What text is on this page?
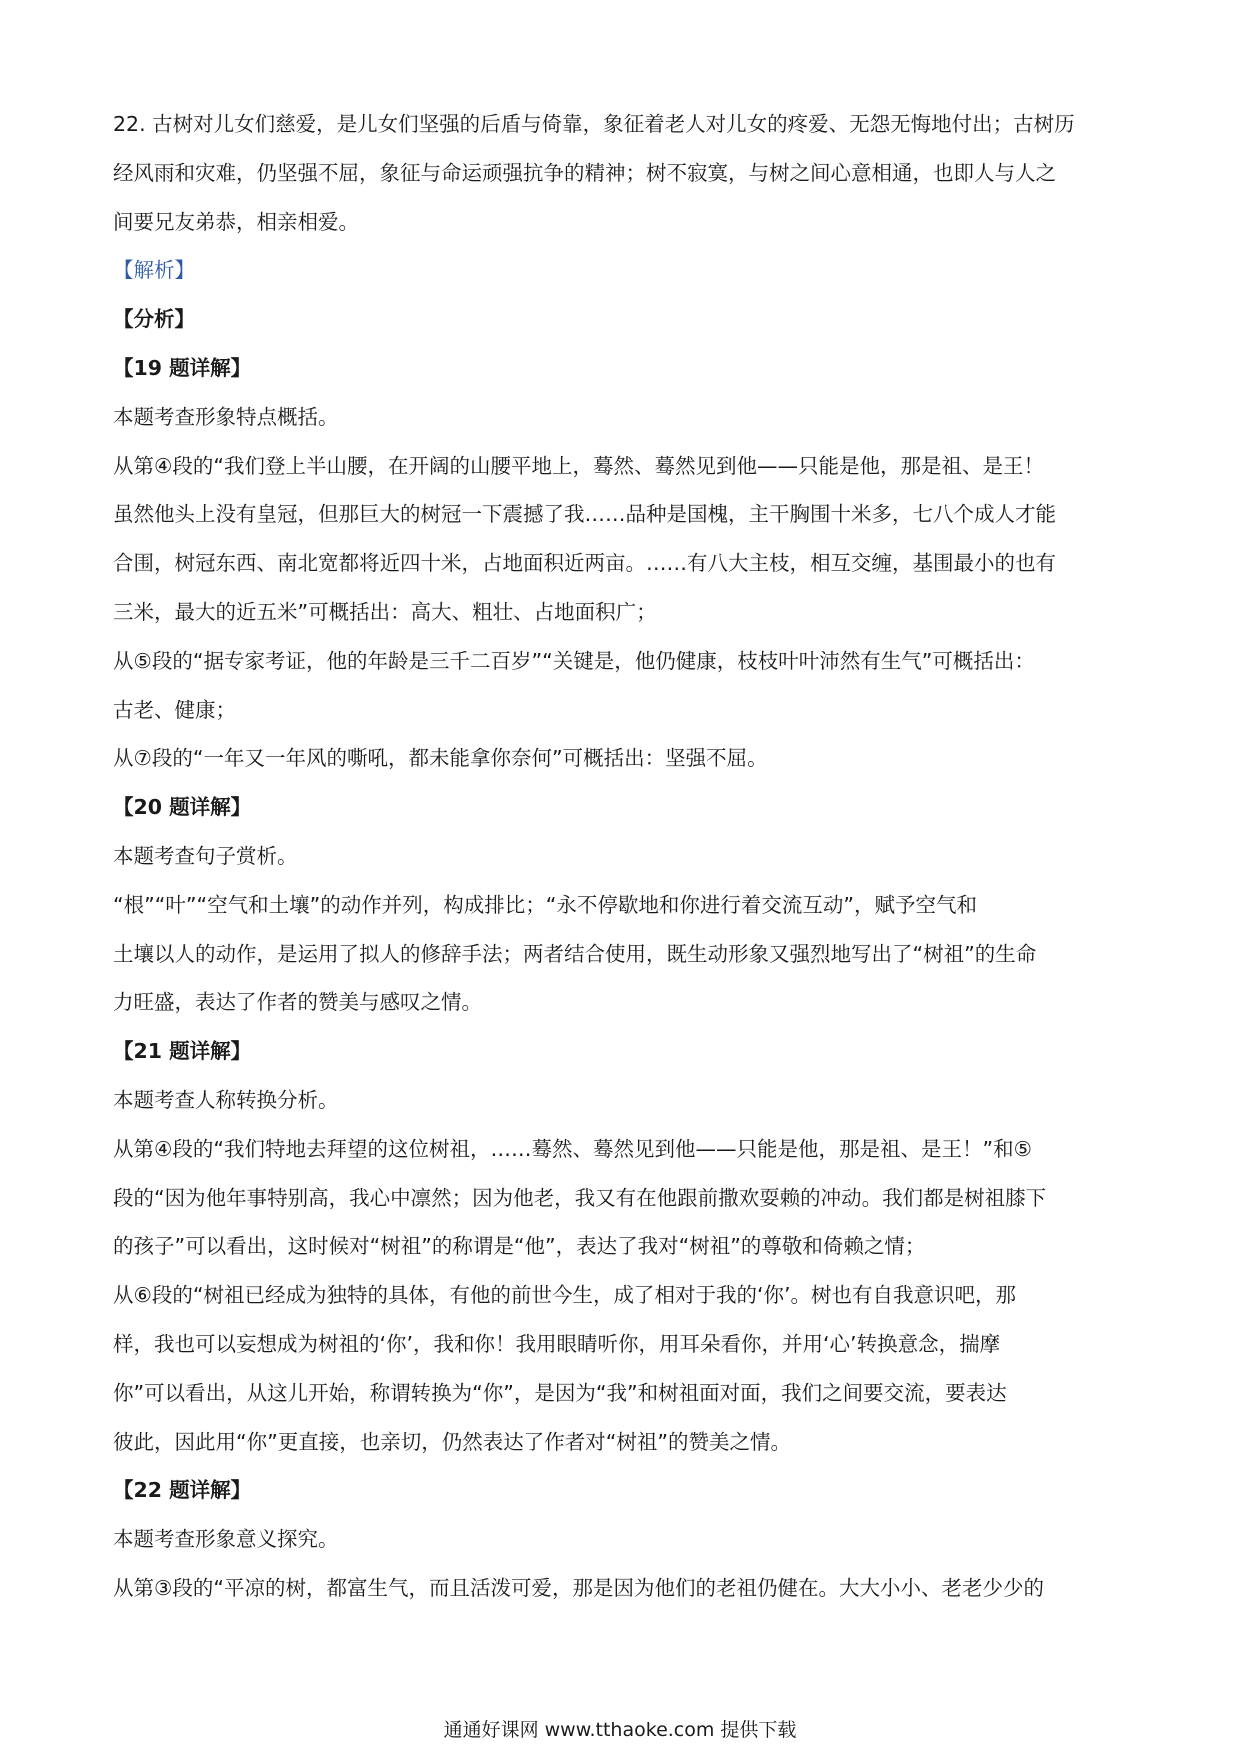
22. 古树对儿女们慈爱，是儿女们坚强的后盾与倚靠，象征着老人对儿女的疼爱、无怨无悔地付出；古树历
经风雨和灾难，仍坚强不屈，象征与命运顽强抗争的精神；树不寂寞，与树之间心意相通，也即人与人之
间要兄友弟恭，相亲相爱。
【解析】
【分析】
【19 题详解】
本题考查形象特点概括。
从第④段的“我们登上半山腰，在开阔的山腰平地上，蓦然、蓦然见到他——只能是他，那是祖、是王！
虽然他头上没有皇冠，但那巨大的树冠一下震撼了我……品种是国槐，主干胸围十米多，七八个成人才能
合围，树冠东西、南北宽都将近四十米，占地面积近两亩。……有八大主枝，相互交缠，基围最小的也有
三米，最大的近五米”可概括出：高大、粗壮、占地面积广；
从⑤段的“据专家考证，他的年龄是三千二百岁”“关键是，他仍健康，枝枝叶叶沛然有生气”可概括出：
古老、健康；
从⑦段的“一年又一年风的嘶吼，都未能拿你奈何”可概括出：坚强不屈。
【20 题详解】
本题考查句子赏析。
“根”“叶”“空气和土壤”的动作并列，构成排比；“永不停歇地和你进行着交流互动”，赋予空气和
土壤以人的动作，是运用了拟人的修辞手法；两者结合使用，既生动形象又强烈地写出了“树祖”的生命
力旺盛，表达了作者的赞美与感叹之情。
【21 题详解】
本题考查人称转换分析。
从第④段的“我们特地去拜望的这位树祖，……蓦然、蓦然见到他——只能是他，那是祖、是王！”和⑤
段的“因为他年事特别高，我心中凛然；因为他老，我又有在他跟前撒欢耍赖的冲动。我们都是树祖膝下
的孩子”可以看出，这时候对“树祖”的称谓是“他”，表达了我对“树祖”的尊敬和倚赖之情；
从⑥段的“树祖已经成为独特的具体，有他的前世今生，成了相对于我的‘你’。树也有自我意识吧，那
样，我也可以妄想成为树祖的‘你’，我和你！我用眼睛听你，用耳朵看你，并用‘心’转换意念，揣摩
你”可以看出，从这儿开始，称谓转换为“你”，是因为“我”和树祖面对面，我们之间要交流，要表达
彼此，因此用“你”更直接，也亲切，仍然表达了作者对“树祖”的赞美之情。
【22 题详解】
本题考查形象意义探究。
从第③段的“平凉的树，都富生气，而且活泼可爱，那是因为他们的老祖仍健在。大大小小、老老少少的
通通好课网 www.tthaoke.com 提供下载
